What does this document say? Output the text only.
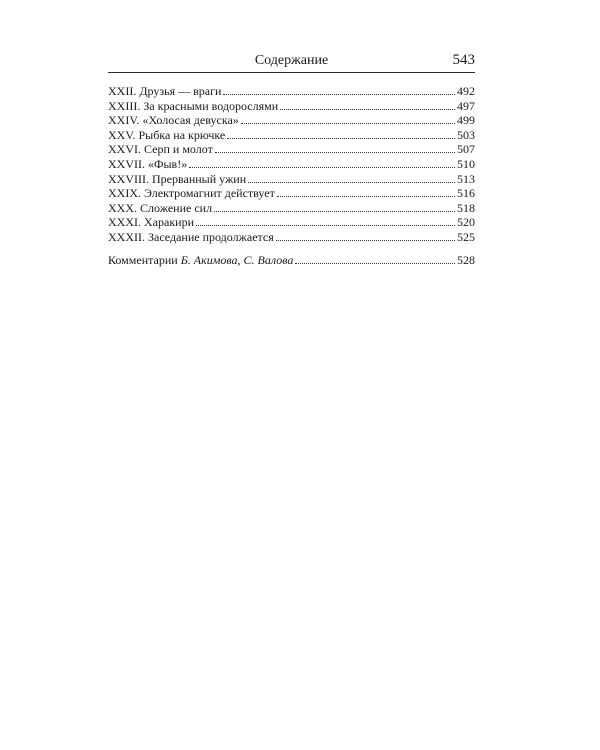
Содержание	543
XXII. Друзья — враги	492
XXIII. За красными водорослями	497
XXIV. «Холосая девуска»	499
XXV. Рыбка на крючке	503
XXVI. Серп и молот	507
XXVII. «Фыв!»	510
XXVIII. Прерванный ужин	513
XXIX. Электромагнит действует	516
XXX. Сложение сил	518
XXXI. Харакири	520
XXXII. Заседание продолжается	525
Комментарии Б. Акимова, С. Валова	528
